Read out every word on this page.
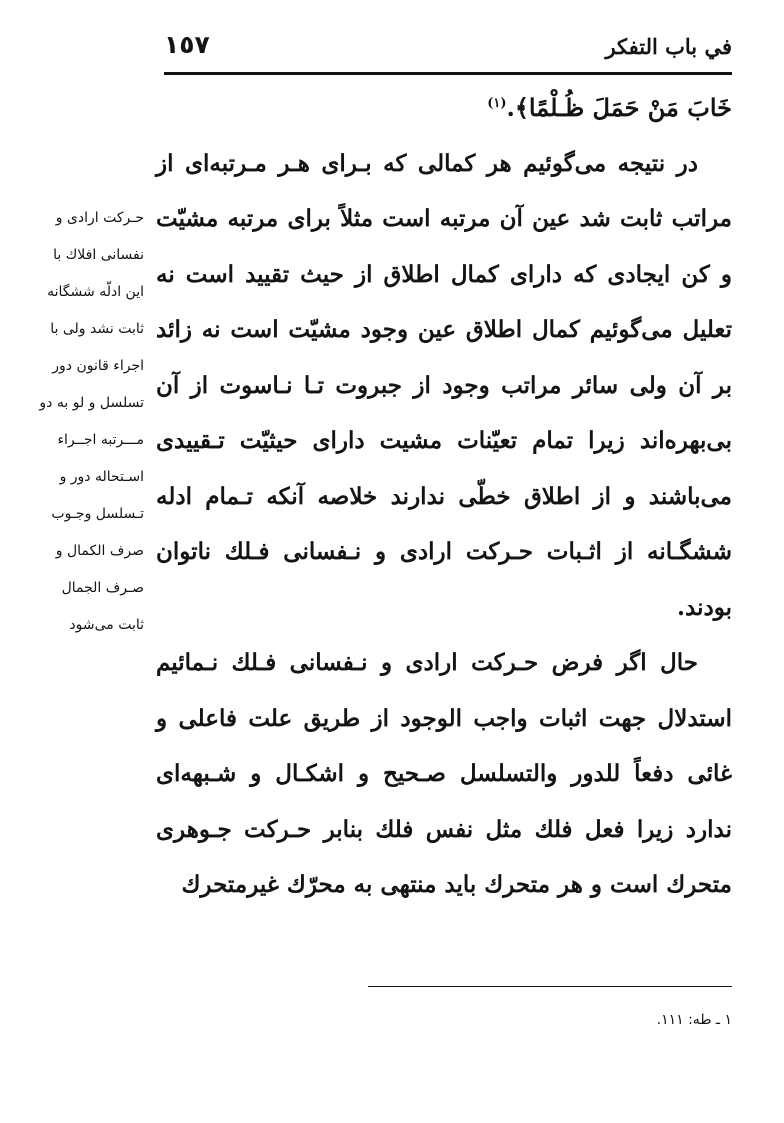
في باب التفكر
١٥٧

خَابَ مَنْ حَمَلَ ظُـلْمًا﴾.$^{(١)}$

در نتيجه مى‌گوئيم هر كمالى كه بـراى هـر مـرتبه‌اى از مراتب ثابت شد عين آن مرتبه است مثلاً براى مرتبه مشيّت و كن ايجادى كه داراى كمال اطلاق از حيث تقييد است نه تعليل مى‌گوئيم كمال اطلاق عين وجود مشيّت است نه زائد بر آن ولى سائر مراتب وجود از جبروت تـا نـاسوت از آن بى‌بهره‌اند زيرا تمام تعيّنات مشيت داراى حيثيّت تـقييدى مى‌باشند و از اطلاق خطّى ندارند خلاصه آنكه تـمام ادله ششگـانه از اثـبات حـركت ارادى و نـفسانى فـلك ناتوان بودند.

حال اگر فرض حـركت ارادى و نـفسانى فـلك نـمائيم استدلال جهت اثبات واجب الوجود از طريق علت فاعلى و غائى دفعاً للدور والتسلسل صـحيح و اشكـال و شـبهه‌اى ندارد زيرا فعل فلك مثل نفس فلك بنابر حـركت جـوهرى متحرك است و هر متحرك بايد منتهى به محرّك غيرمتحرك

حـركت ارادى و
نفسانى افلاك با
اين ادلّه ششگانه
ثابت نشد ولى با
اجراء قانون دور
تسلسل و لو به دو
مـــرتبه اجــراء
اسـتحاله دور و
تـسلسل وجـوب
صرف الكمال و
صـرف الجمال
ثابت مى‌شود
١ ـ طه: ١١١.
